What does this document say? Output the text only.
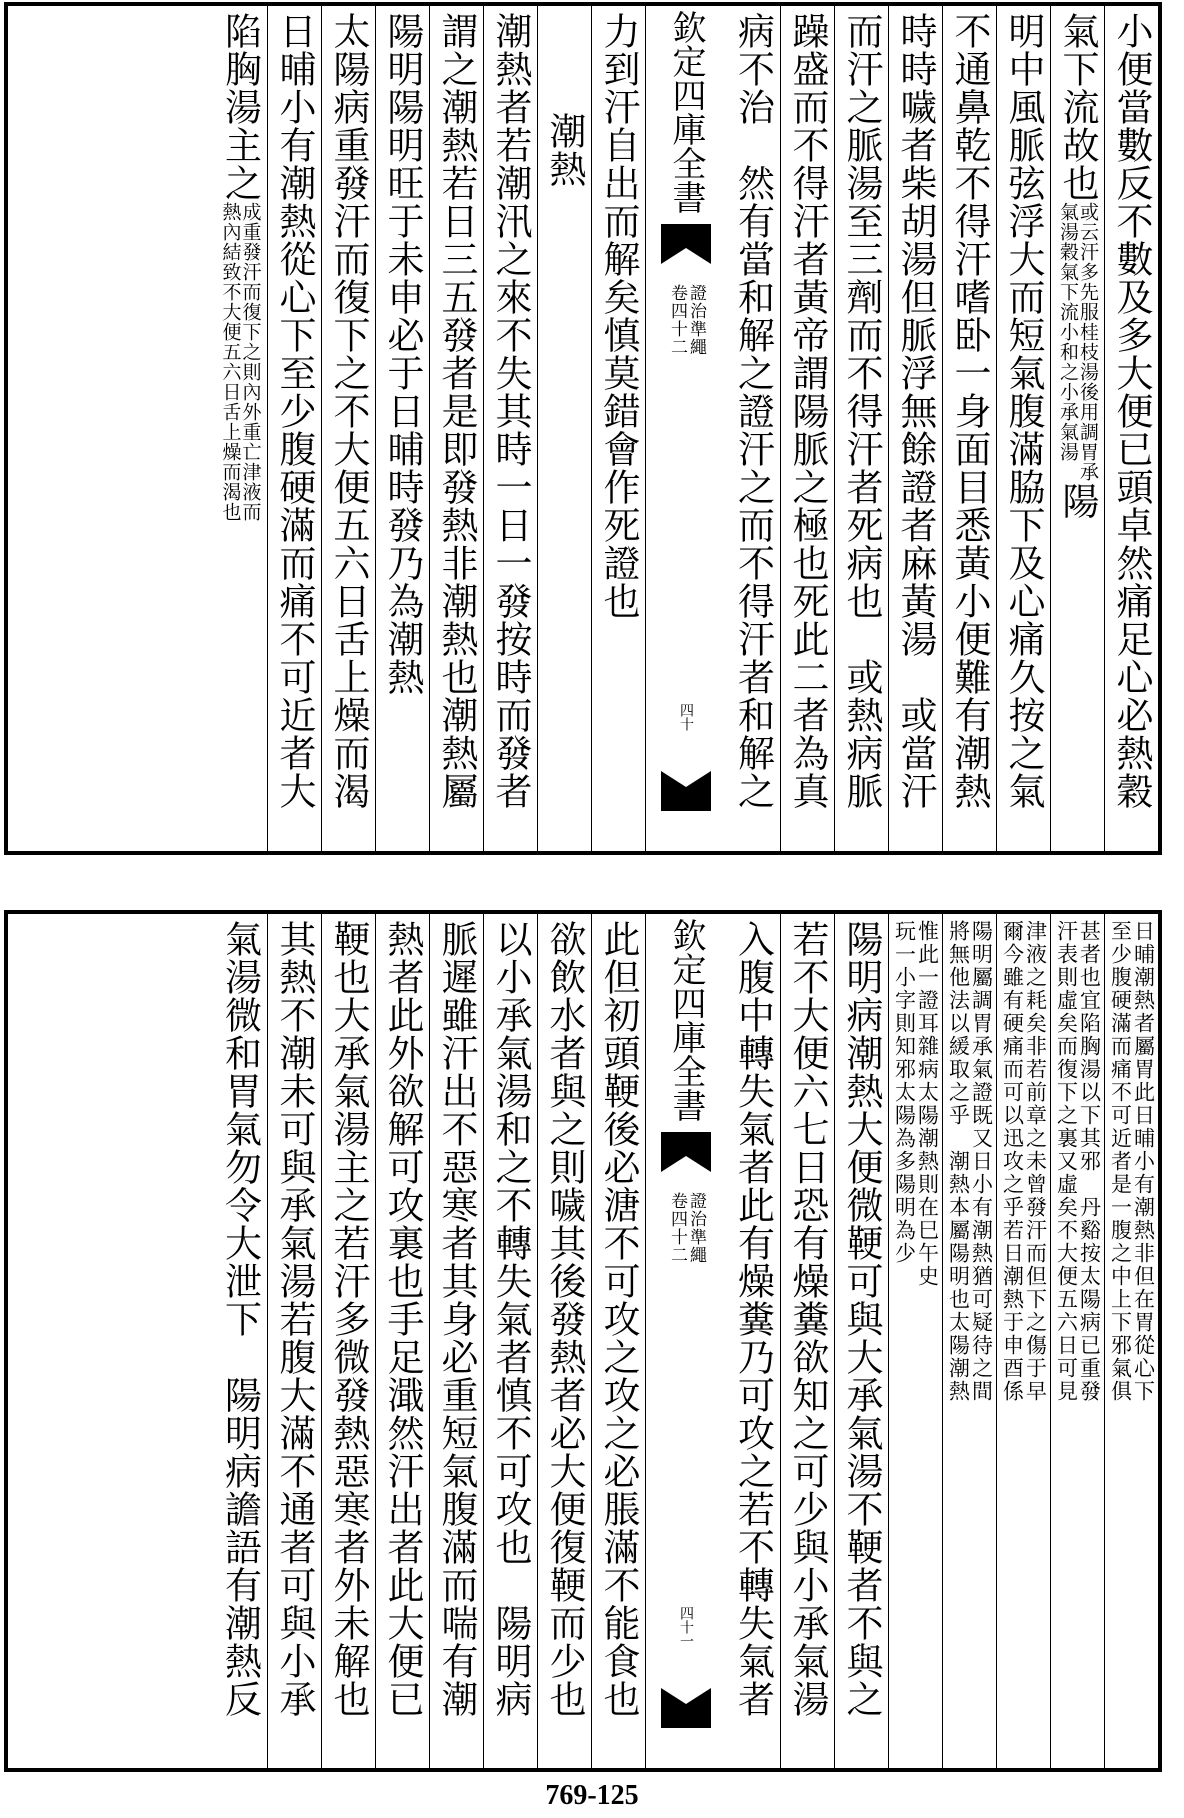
小便當數反不數及多大便已頭卓然痛足心必熱穀
氣下流故也
或云汗多先服桂枝湯後用調胃承
氣湯穀氣下流小和之小承氣湯
陽
明中風脈弦浮大而短氣腹滿脇下及心痛久按之氣
不通鼻乾不得汗嗜卧一身面目悉黃小便難有潮熱
時時噦者柴胡湯但脈浮無餘證者麻黃湯　或當汗
而汗之脈湯至三劑而不得汗者死病也　或熱病脈
躁盛而不得汗者黃帝謂陽脈之極也死此二者為真
病不治　然有當和解之證汗之而不得汗者和解之
欽定四庫全書
證治準繩
卷四十二
四十
力到汗自出而解矣慎莫錯會作死證也
潮熱
潮熱者若潮汛之來不失其時一日一發按時而發者
謂之潮熱若日三五發者是即發熱非潮熱也潮熱屬
陽明陽明旺于未申必于日晡時發乃為潮熱
太陽病重發汗而復下之不大便五六日舌上燥而渴
日晡小有潮熱從心下至少腹硬滿而痛不可近者大
陷胸湯主之
成重發汗而復下之則內外重亡津液而
熱內結致不大便五六日舌上燥而渴也
日晡潮熱者屬胃此日晡小有潮熱非但在胃從心下
至少腹硬滿而痛不可近者是一腹之中上下邪氣俱
甚者也宜陷胸湯以下其邪　丹谿按太陽病已重發
汗表則虛矣而復下之裏又虛矣不大便五六日可見
津液之耗矣非若前章之未曾發汗而但下之傷于早
爾今雖有硬痛而可以迅攻之乎若日潮熱于申酉係
陽明屬調胃承氣證既又日小有潮熱猶可疑待之間
將無他法以緩取之乎　潮熱本屬陽明也太陽潮熱
惟此一證耳雜病太陽潮熱則在巳午史
玩一小字則知邪太陽為多陽明為少
陽明病潮熱大便微鞕可與大承氣湯不鞕者不與之
若不大便六七日恐有燥糞欲知之可少與小承氣湯
入腹中轉失氣者此有燥糞乃可攻之若不轉失氣者
欽定四庫全書
證治準繩
卷四十二
四十一
此但初頭鞕後必溏不可攻之攻之必脹滿不能食也
欲飲水者與之則噦其後發熱者必大便復鞕而少也
以小承氣湯和之不轉失氣者慎不可攻也　陽明病
脈遲雖汗出不惡寒者其身必重短氣腹滿而喘有潮
熱者此外欲解可攻裏也手足濈然汗出者此大便已
鞕也大承氣湯主之若汗多微發熱惡寒者外未解也
其熱不潮未可與承氣湯若腹大滿不通者可與小承
氣湯微和胃氣勿令大泄下　陽明病譫語有潮熱反
769-125
